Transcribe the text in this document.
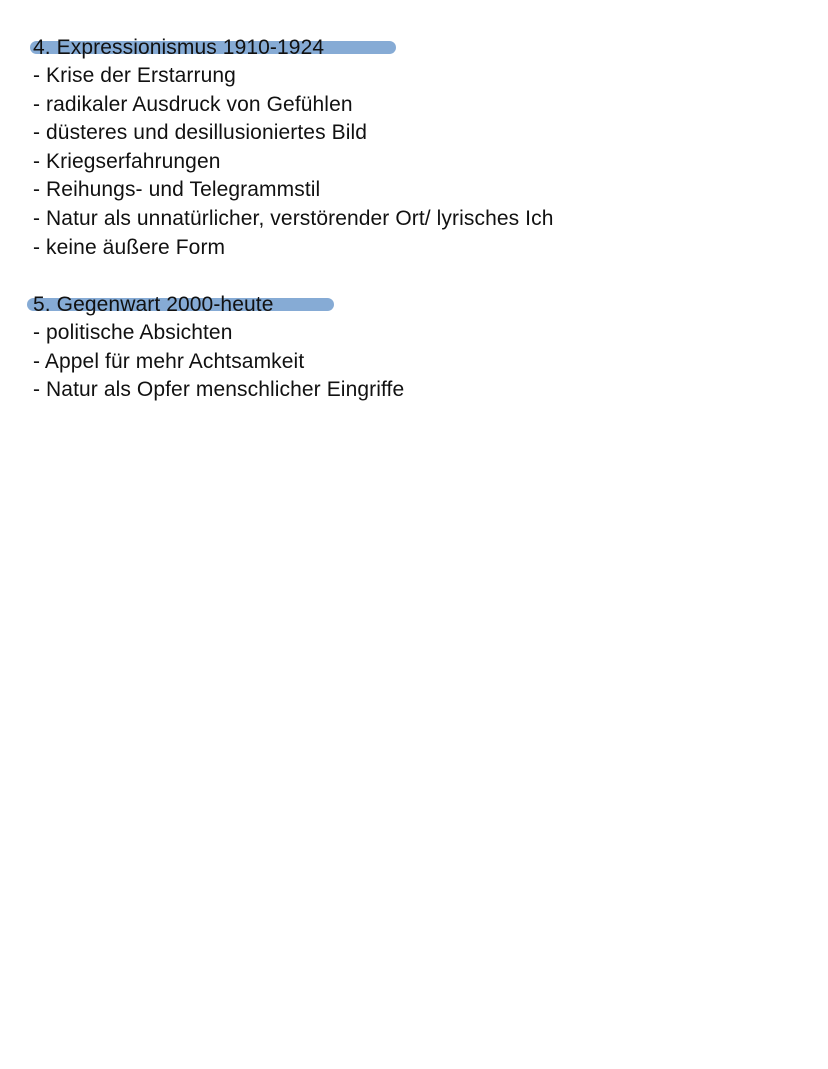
4. Expressionismus 1910-1924
- Krise der Erstarrung
- radikaler Ausdruck von Gefühlen
- düsteres und desillusioniertes Bild
- Kriegserfahrungen
- Reihungs- und Telegrammstil
- Natur als unnatürlicher, verstörender Ort/ lyrisches Ich
- keine äußere Form
5. Gegenwart 2000-heute
- politische Absichten
- Appel für mehr Achtsamkeit
- Natur als Opfer menschlicher Eingriffe
